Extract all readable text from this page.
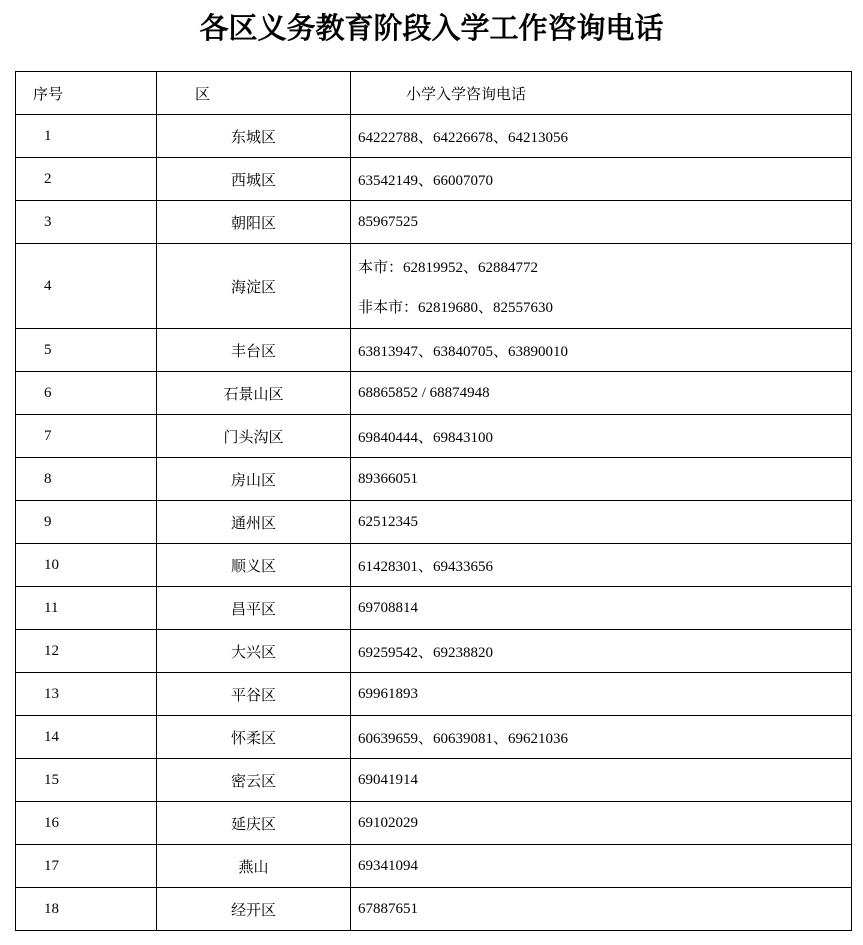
各区义务教育阶段入学工作咨询电话
序号	区	小学入学咨询电话
1	东城区	64222788、64226678、64213056
2	西城区	63542149、66007070
3	朝阳区	85967525
4	海淀区	本市：62819952、62884772
非本市：62819680、82557630

5	丰台区	63813947、63840705、63890010
6	石景山区	68865852 / 68874948
7	门头沟区	69840444、69843100
8	房山区	89366051
9	通州区	62512345
10	顺义区	61428301、69433656
11	昌平区	69708814
12	大兴区	69259542、69238820
13	平谷区	69961893
14	怀柔区	60639659、60639081、69621036
15	密云区	69041914
16	延庆区	69102029
17	燕山	69341094
18	经开区	67887651
